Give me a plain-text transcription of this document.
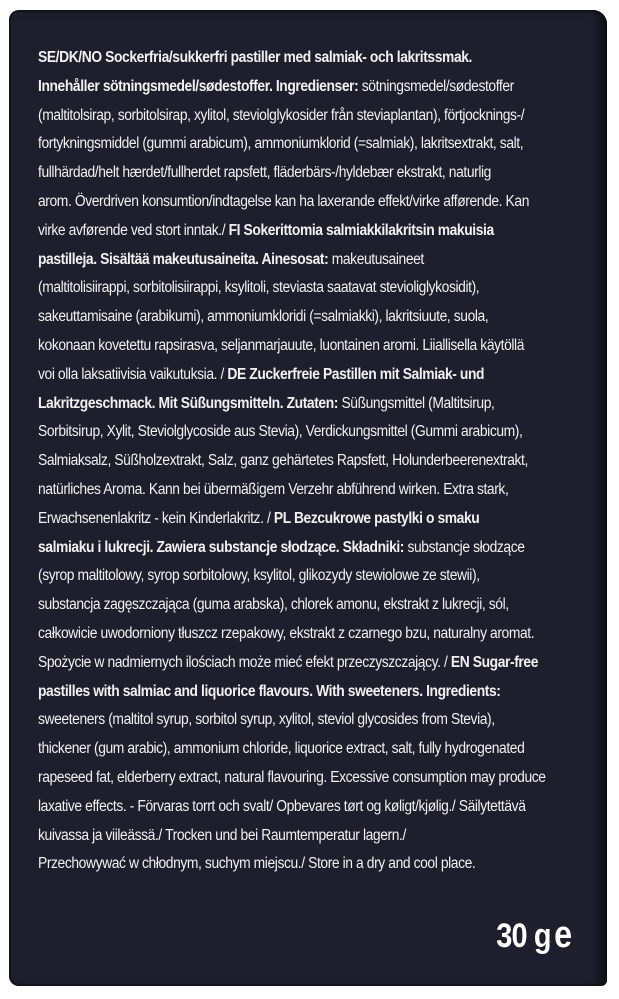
SE/DK/NO Sockerfria/sukkerfri pastiller med salmiak- och lakritssmak.
Innehåller sötningsmedel/sødestoffer. Ingredienser: sötningsmedel/sødestoffer
(maltitolsirap, sorbitolsirap, xylitol, steviolglykosider från steviaplantan), förtjocknings-/
fortykningsmiddel (gummi arabicum), ammoniumklorid (=salmiak), lakritsextrakt, salt,
fullhärdad/helt hærdet/fullherdet rapsfett, fläderbärs-/hyldebær ekstrakt, naturlig
arom. Överdriven konsumtion/indtagelse kan ha laxerande effekt/virke afførende. Kan
virke avførende ved stort inntak./ FI Sokerittomia salmiakkilakritsin makuisia
pastilleja. Sisältää makeutusaineita. Ainesosat: makeutusaineet
(maltitolisiirappi, sorbitolisiirappi, ksylitoli, steviasta saatavat stevioliglykosidit),
sakeuttamisaine (arabikumi), ammoniumkloridi (=salmiakki), lakritsiuute, suola,
kokonaan kovetettu rapsirasva, seljanmarjauute, luontainen aromi. Liiallisella käytöllä
voi olla laksatiivisia vaikutuksia. / DE Zuckerfreie Pastillen mit Salmiak- und
Lakritzgeschmack. Mit Süßungsmitteln. Zutaten: Süßungsmittel (Maltitsirup,
Sorbitsirup, Xylit, Steviolglycoside aus Stevia), Verdickungsmittel (Gummi arabicum),
Salmiaksalz, Süßholzextrakt, Salz, ganz gehärtetes Rapsfett, Holunderbeerenextrakt,
natürliches Aroma. Kann bei übermäßigem Verzehr abführend wirken. Extra stark,
Erwachsenenlakritz - kein Kinderlakritz. / PL Bezcukrowe pastylki o smaku
salmiaku i lukrecji. Zawiera substancje słodzące. Składniki: substancje słodzące
(syrop maltitolowy, syrop sorbitolowy, ksylitol, glikozydy stewiolowe ze stewii),
substancja zagęszczająca (guma arabska), chlorek amonu, ekstrakt z lukrecji, sól,
całkowicie uwodorniony tłuszcz rzepakowy, ekstrakt z czarnego bzu, naturalny aromat.
Spożycie w nadmiernych ilościach może mieć efekt przeczyszczający. / EN Sugar-free
pastilles with salmiac and liquorice flavours. With sweeteners. Ingredients:
sweeteners (maltitol syrup, sorbitol syrup, xylitol, steviol glycosides from Stevia),
thickener (gum arabic), ammonium chloride, liquorice extract, salt, fully hydrogenated
rapeseed fat, elderberry extract, natural flavouring. Excessive consumption may produce
laxative effects. - Förvaras torrt och svalt/ Opbevares tørt og køligt/kjølig./ Säilytettävä
kuivassa ja viileässä./ Trocken und bei Raumtemperatur lagern./
Przechowywać w chłodnym, suchym miejscu./ Store in a dry and cool place.
30 g e
